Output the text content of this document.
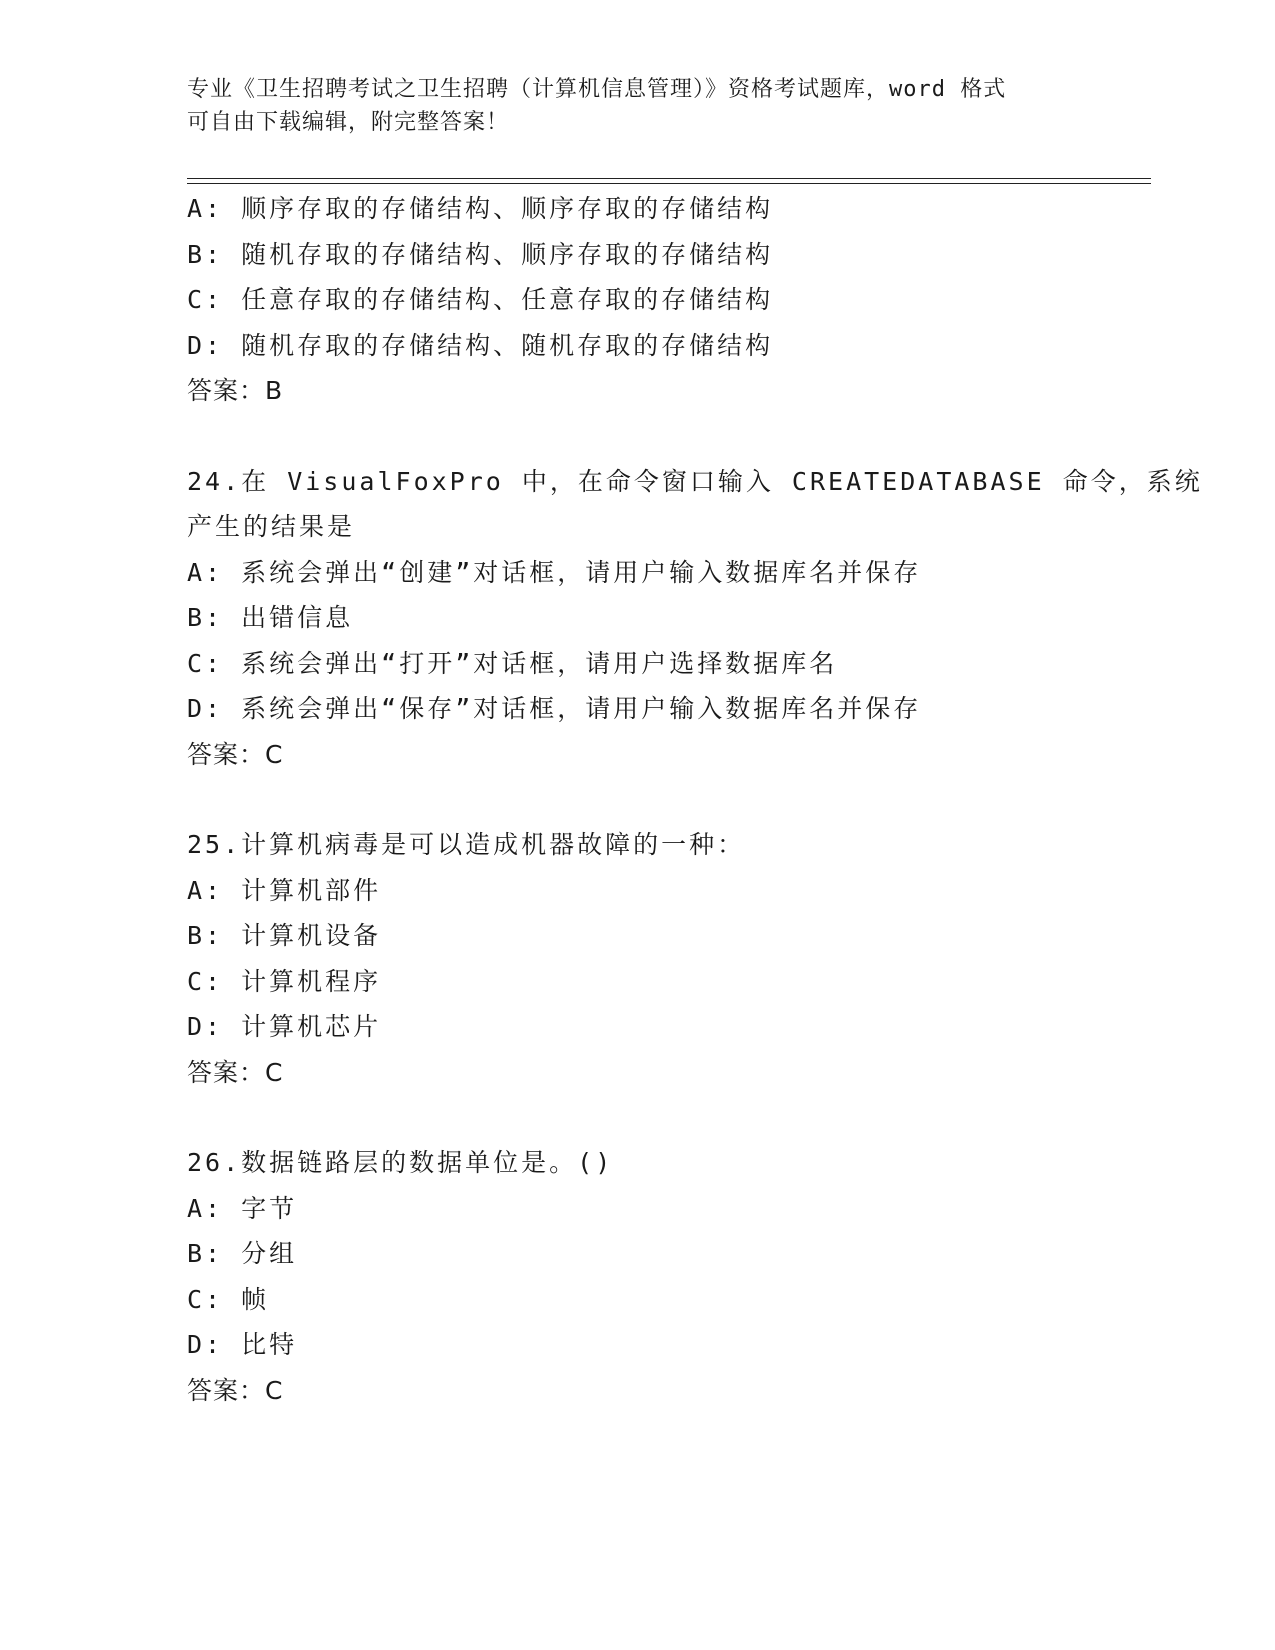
专业《卫生招聘考试之卫生招聘（计算机信息管理）》资格考试题库，word 格式
可自由下载编辑，附完整答案！
A: 顺序存取的存储结构、顺序存取的存储结构
B: 随机存取的存储结构、顺序存取的存储结构
C: 任意存取的存储结构、任意存取的存储结构
D: 随机存取的存储结构、随机存取的存储结构
答案：B
24.在 VisualFoxPro 中，在命令窗口输入 CREATEDATABASE 命令，系统
产生的结果是
A: 系统会弹出“创建”对话框，请用户输入数据库名并保存
B: 出错信息
C: 系统会弹出“打开”对话框，请用户选择数据库名
D: 系统会弹出“保存”对话框，请用户输入数据库名并保存
答案：C
25.计算机病毒是可以造成机器故障的一种：
A: 计算机部件
B: 计算机设备
C: 计算机程序
D: 计算机芯片
答案：C
26.数据链路层的数据单位是。()
A: 字节
B: 分组
C: 帧
D: 比特
答案：C
